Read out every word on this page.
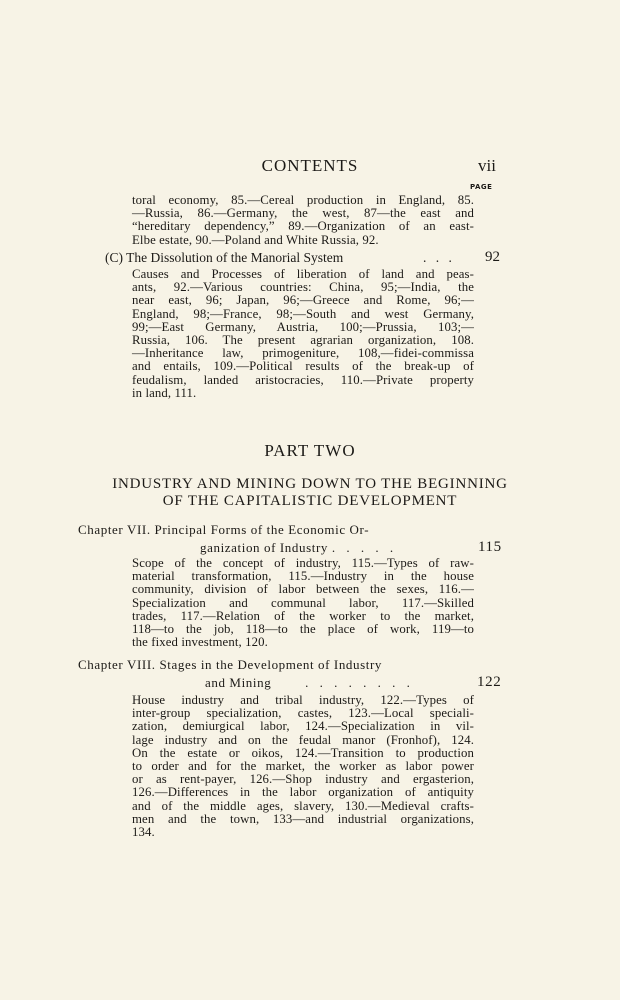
CONTENTS	vii
PAGE
toral economy, 85.—Cereal production in England, 85.
—Russia, 86.—Germany, the west, 87—the east and
“hereditary dependency,” 89.—Organization of an east-
Elbe estate, 90.—Poland and White Russia, 92.
(C) The Dissolution of the Manorial System	. . . 92
Causes and Processes of liberation of land and peas-
ants, 92.—Various countries: China, 95;—India, the
near east, 96; Japan, 96;—Greece and Rome, 96;—
England, 98;—France, 98;—South and west Germany,
99;—East Germany, Austria, 100;—Prussia, 103;—
Russia, 106. The present agrarian organization, 108.
—Inheritance law, primogeniture, 108,—fidei-commissa
and entails, 109.—Political results of the break-up of
feudalism, landed aristocracies, 110.—Private property
in land, 111.
PART TWO
INDUSTRY AND MINING DOWN TO THE BEGINNING
OF THE CAPITALISTIC DEVELOPMENT
Chapter VII. Principal Forms of the Economic Or-
ganization of Industry . . . . .	115
Scope of the concept of industry, 115.—Types of raw-
material transformation, 115.—Industry in the house
community, division of labor between the sexes, 116.—
Specialization and communal labor, 117.—Skilled
trades, 117.—Relation of the worker to the market,
118—to the job, 118—to the place of work, 119—to
the fixed investment, 120.
Chapter VIII. Stages in the Development of Industry
and Mining	. . . . . . . .	122
House industry and tribal industry, 122.—Types of
inter-group specialization, castes, 123.—Local speciali-
zation, demiurgical labor, 124.—Specialization in vil-
lage industry and on the feudal manor (Fronhof), 124.
On the estate or oikos, 124.—Transition to production
to order and for the market, the worker as labor power
or as rent-payer, 126.—Shop industry and ergasterion,
126.—Differences in the labor organization of antiquity
and of the middle ages, slavery, 130.—Medieval crafts-
men and the town, 133—and industrial organizations,
134.
